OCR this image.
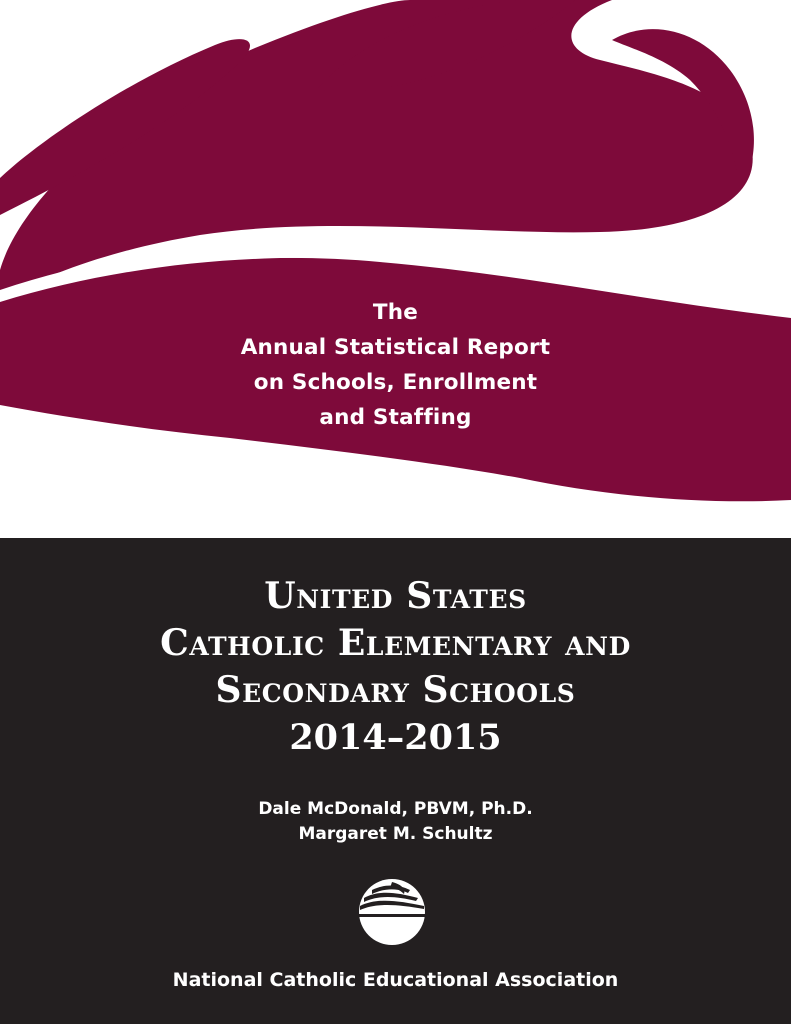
The
Annual Statistical Report
on Schools, Enrollment
and Staffing
United States
Catholic Elementary and
Secondary Schools
2014–2015
Dale McDonald, PBVM, Ph.D.
Margaret M. Schultz
National Catholic Educational Association
